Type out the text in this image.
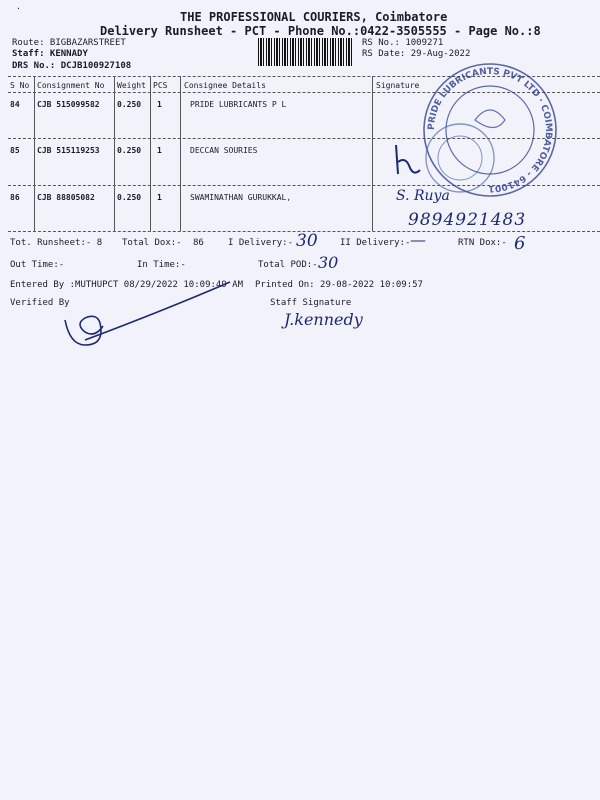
·
THE PROFESSIONAL COURIERS, Coimbatore
Delivery Runsheet - PCT - Phone No.:0422-3505555 - Page No.:8
Route: BIGBAZARSTREET
Staff: KENNADY
DRS No.: DCJB100927108
RS No.: 1009271
RS Date: 29-Aug-2022
S No Consignment No Weight PCS Consignee Details	Signature
84 CJB 515099582 0.250 1	PRIDE LUBRICANTS P L
85 CJB 515119253 0.250 1	DECCAN SOURIES
86 CJB 88805082	0.250 1	SWAMINATHAN GURUKKAL,
PRIDE LUBRICANTS PVT LTD · COIMBATORE - 641001
S. Ruya
9894921483
Tot. Runsheet:- 8 Total Dox:- 86	I Delivery:- 30 II Delivery:- —	RTN Dox:- 6
Out Time:-	In Time:-	Total POD:- 30
Entered By :MUTHUPCT 08/29/2022 10:09:49 AM Printed On: 29-08-2022 10:09:57
Verified By	Staff Signature
J.kennedy
